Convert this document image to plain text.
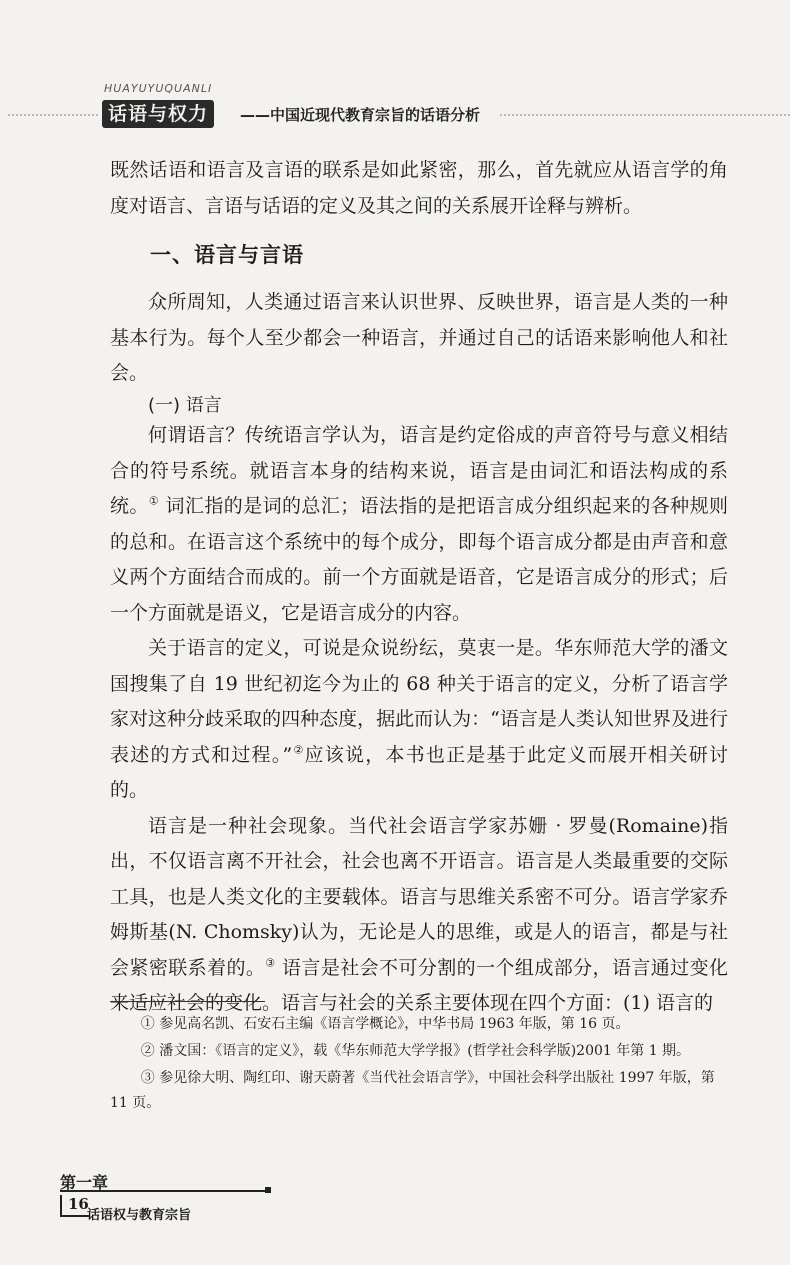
HUAYUYUQUANLI
话语与权力	——中国近现代教育宗旨的话语分析

既然话语和语言及言语的联系是如此紧密，那么，首先就应从语言学的角度对语言、言语与话语的定义及其之间的关系展开诠释与辨析。

一、语言与言语

众所周知，人类通过语言来认识世界、反映世界，语言是人类的一种基本行为。每个人至少都会一种语言，并通过自己的话语来影响他人和社会。

(一) 语言

何谓语言？传统语言学认为，语言是约定俗成的声音符号与意义相结合的符号系统。就语言本身的结构来说，语言是由词汇和语法构成的系统。① 词汇指的是词的总汇；语法指的是把语言成分组织起来的各种规则的总和。在语言这个系统中的每个成分，即每个语言成分都是由声音和意义两个方面结合而成的。前一个方面就是语音，它是语言成分的形式；后一个方面就是语义，它是语言成分的内容。

关于语言的定义，可说是众说纷纭，莫衷一是。华东师范大学的潘文国搜集了自 19 世纪初迄今为止的 68 种关于语言的定义，分析了语言学家对这种分歧采取的四种态度，据此而认为：“语言是人类认知世界及进行表述的方式和过程。”②应该说，本书也正是基于此定义而展开相关研讨的。

语言是一种社会现象。当代社会语言学家苏姗 · 罗曼(Romaine)指出，不仅语言离不开社会，社会也离不开语言。语言是人类最重要的交际工具，也是人类文化的主要载体。语言与思维关系密不可分。语言学家乔姆斯基(N. Chomsky)认为，无论是人的思维，或是人的语言，都是与社会紧密联系着的。③ 语言是社会不可分割的一个组成部分，语言通过变化来适应社会的变化。语言与社会的关系主要体现在四个方面：(1) 语言的

① 参见高名凯、石安石主编《语言学概论》，中华书局 1963 年版，第 16 页。

② 潘文国：《语言的定义》，载《华东师范大学学报》(哲学社会科学版)2001 年第 1 期。

③ 参见徐大明、陶红印、谢天蔚著《当代社会语言学》，中国社会科学出版社 1997 年版，第 11 页。

第一章
16
话语权与教育宗旨
